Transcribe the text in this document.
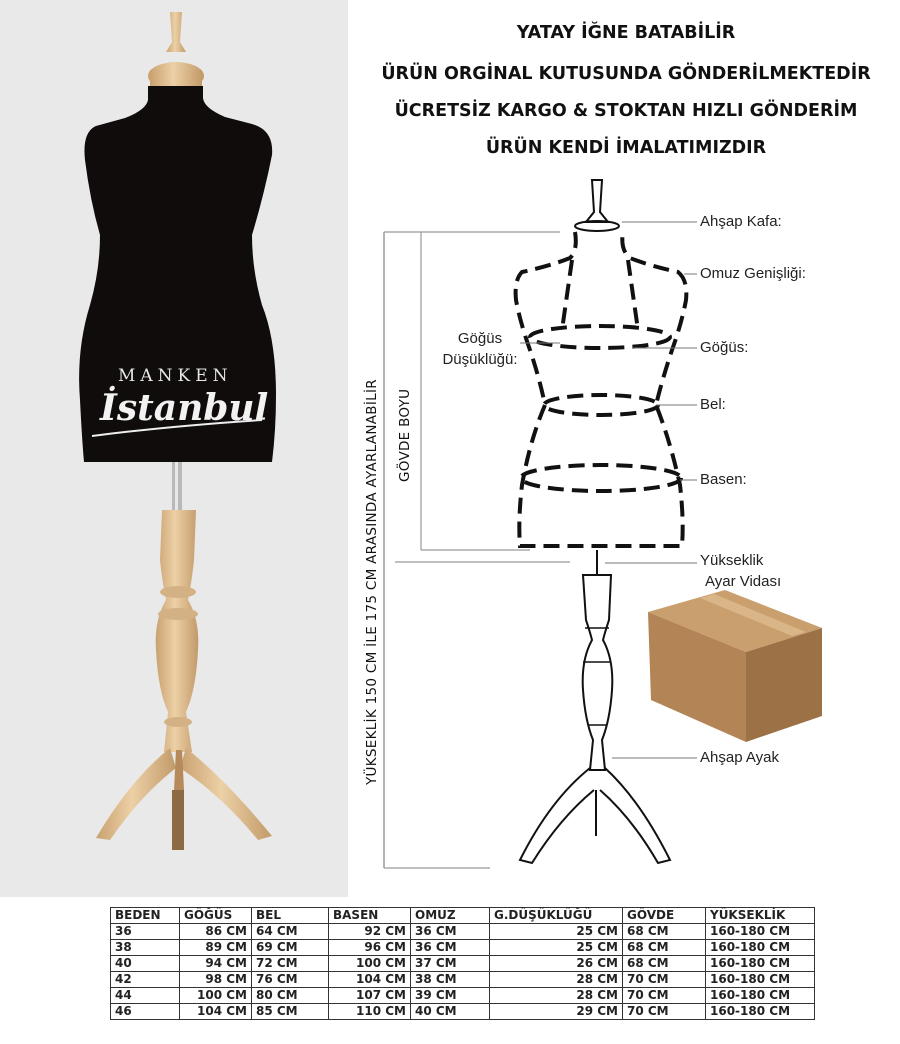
MANKEN
İstanbul
YATAY İĞNE BATABİLİR
ÜRÜN ORGİNAL KUTUSUNDA GÖNDERİLMEKTEDİR
ÜCRETSİZ KARGO & STOKTAN HIZLI GÖNDERİM
ÜRÜN KENDİ İMALATIMIZDIR
YÜKSEKLİK 150 CM İLE 175 CM ARASINDA AYARLANABİLİR GÖVDE BOYU
Ahşap Kafa:
Omuz Genişliği:
Göğüs
Düşüklüğü:
Göğüs:
Bel:
Basen:
Yükseklik
Ayar Vidası
Ahşap Ayak
BEDEN	GÖĞÜS	BEL	BASEN	OMUZ	G.DÜŞÜKLÜĞÜ	GÖVDE	YÜKSEKLİK
36	86 CM	64 CM	92 CM	36 CM	25 CM	68 CM	160-180 CM
38	89 CM	69 CM	96 CM	36 CM	25 CM	68 CM	160-180 CM
40	94 CM	72 CM	100 CM	37 CM	26 CM	68 CM	160-180 CM
42	98 CM	76 CM	104 CM	38 CM	28 CM	70 CM	160-180 CM
44	100 CM	80 CM	107 CM	39 CM	28 CM	70 CM	160-180 CM
46	104 CM	85 CM	110 CM	40 CM	29 CM	70 CM	160-180 CM
